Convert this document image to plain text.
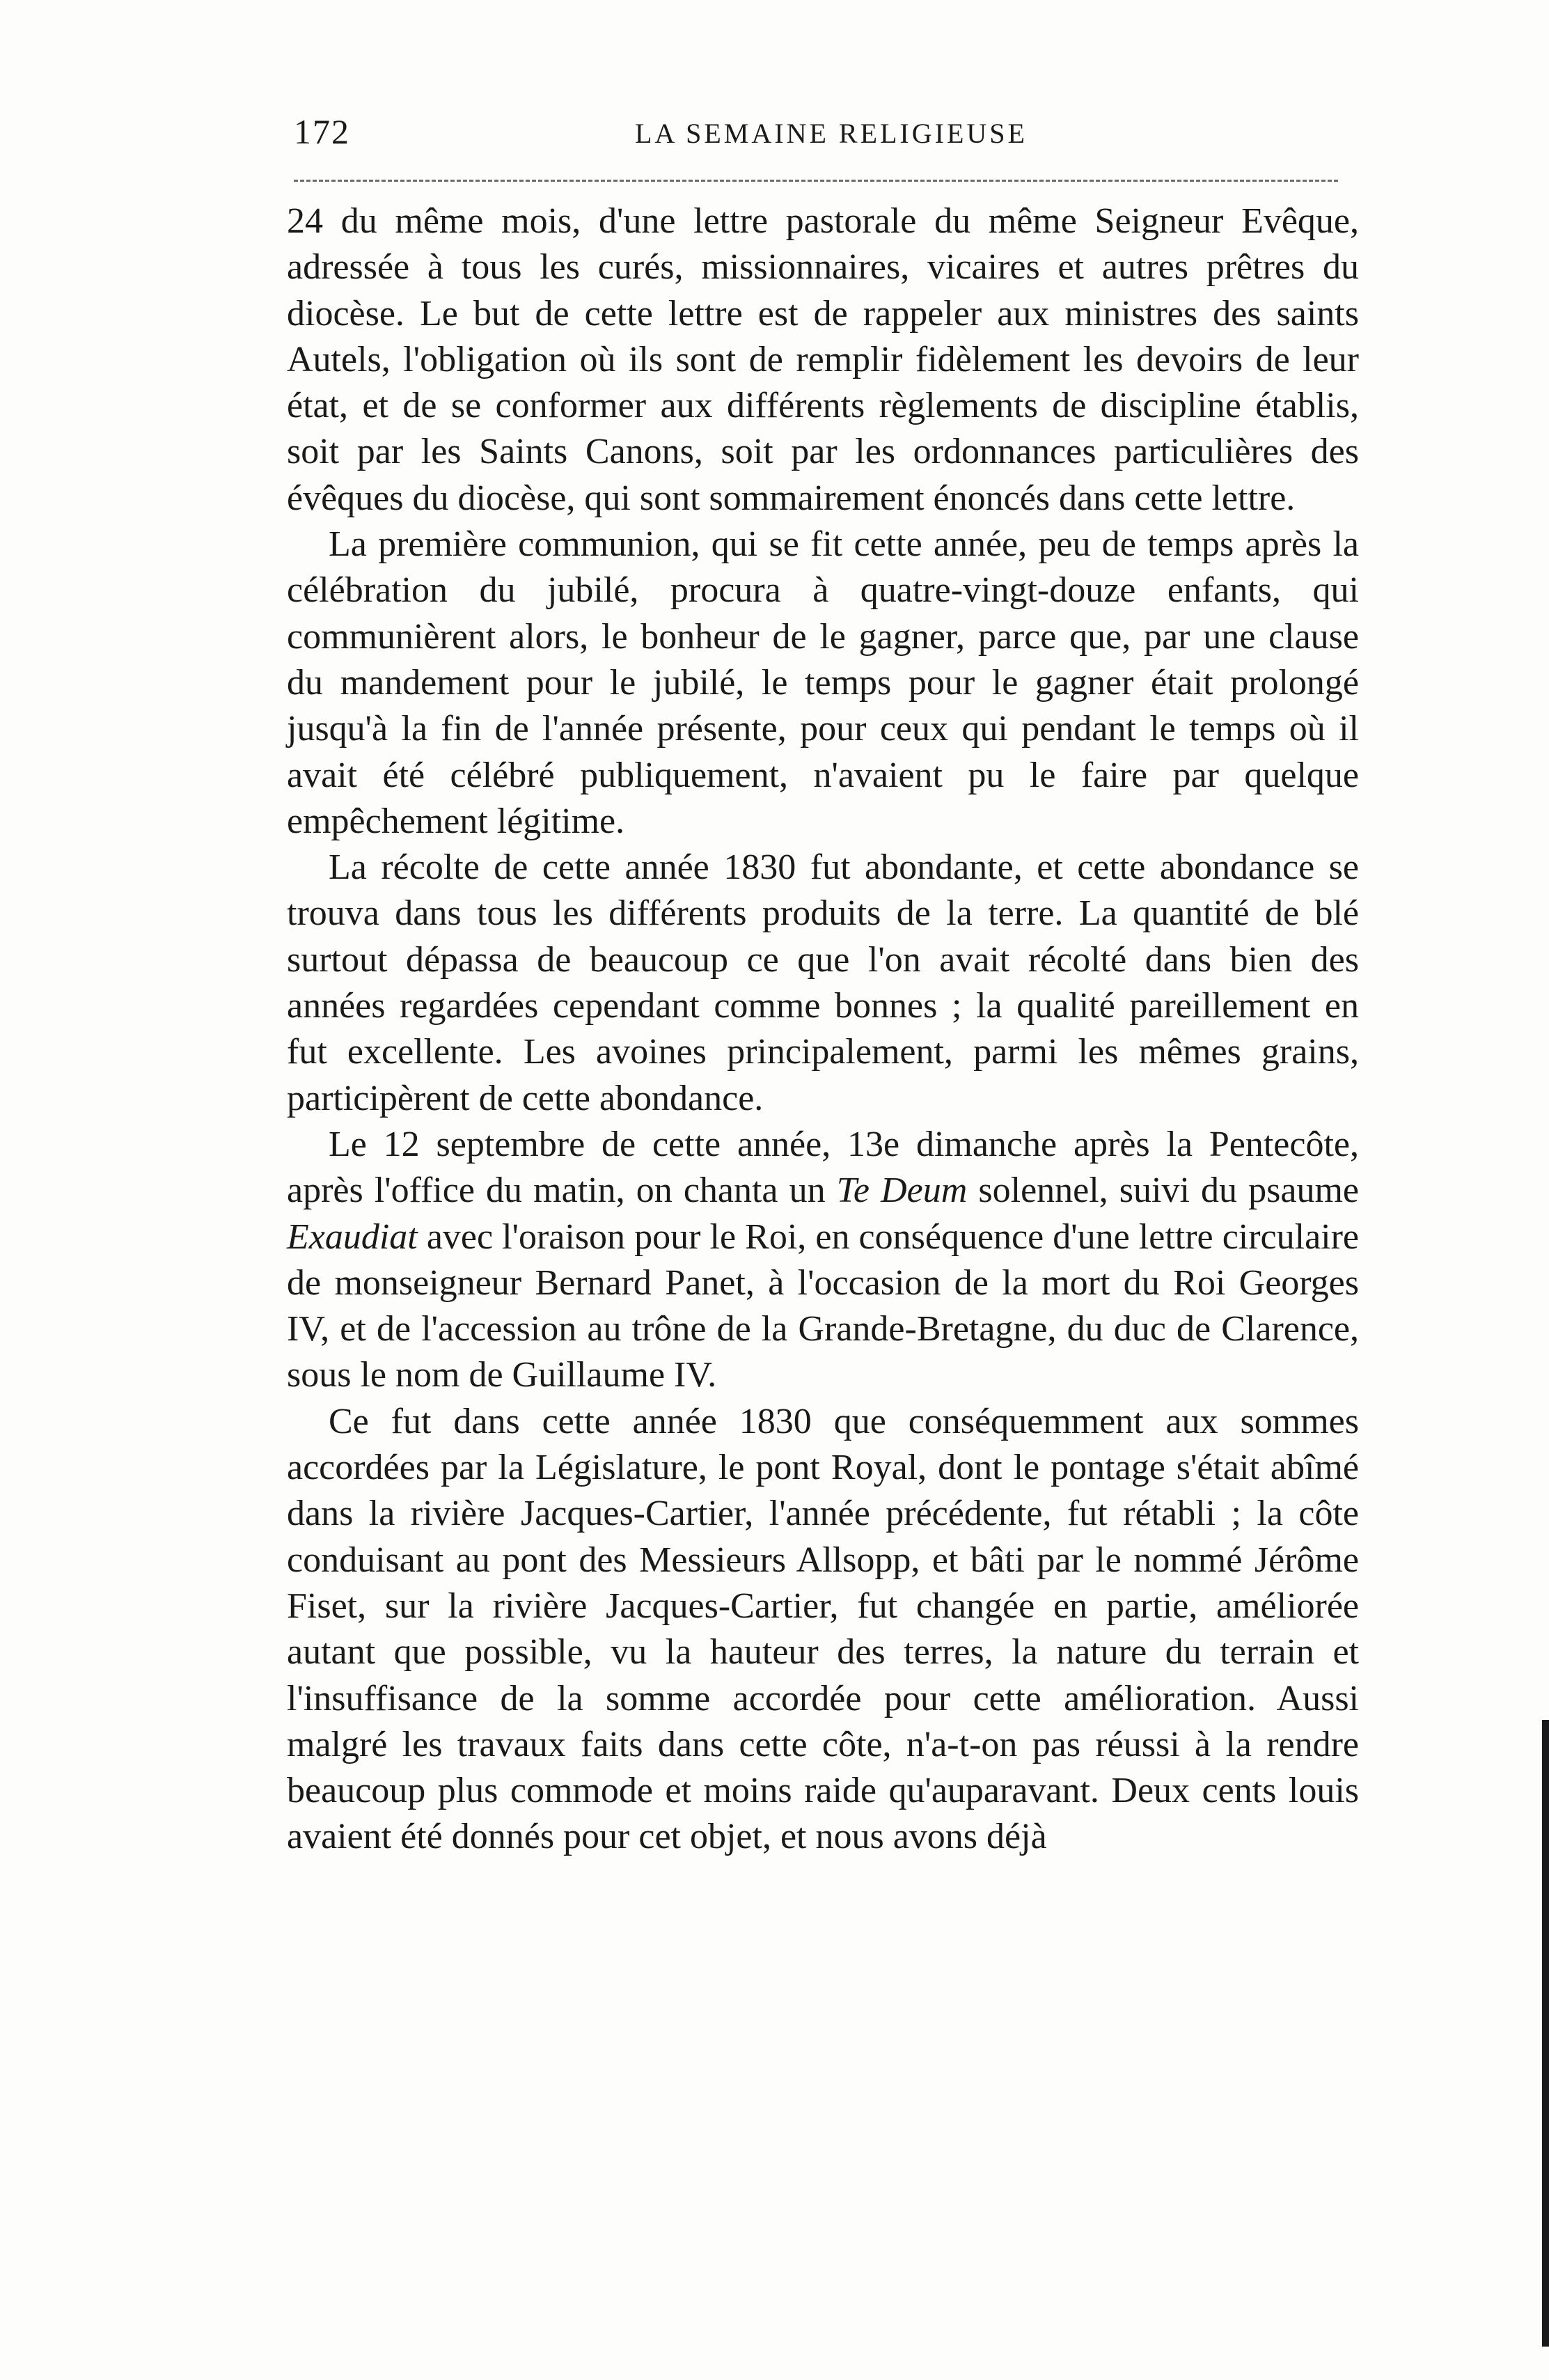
172	LA SEMAINE RELIGIEUSE

24 du même mois, d'une lettre pastorale du même Seigneur Evêque, adressée à tous les curés, missionnaires, vicaires et autres prêtres du diocèse. Le but de cette lettre est de rappeler aux ministres des saints Autels, l'obligation où ils sont de remplir fidèlement les devoirs de leur état, et de se conformer aux différents règlements de discipline établis, soit par les Saints Canons, soit par les ordonnances particulières des évêques du diocèse, qui sont sommairement énoncés dans cette lettre.

La première communion, qui se fit cette année, peu de temps après la célébration du jubilé, procura à quatre-vingt-douze enfants, qui communièrent alors, le bonheur de le gagner, parce que, par une clause du mandement pour le jubilé, le temps pour le gagner était prolongé jusqu'à la fin de l'année présente, pour ceux qui pendant le temps où il avait été célébré publiquement, n'avaient pu le faire par quelque empêchement légitime.

La récolte de cette année 1830 fut abondante, et cette abondance se trouva dans tous les différents produits de la terre. La quantité de blé surtout dépassa de beaucoup ce que l'on avait récolté dans bien des années regardées cependant comme bonnes ; la qualité pareillement en fut excellente. Les avoines principalement, parmi les mêmes grains, participèrent de cette abondance.

Le 12 septembre de cette année, 13e dimanche après la Pentecôte, après l'office du matin, on chanta un Te Deum solennel, suivi du psaume Exaudiat avec l'oraison pour le Roi, en conséquence d'une lettre circulaire de monseigneur Bernard Panet, à l'occasion de la mort du Roi Georges IV, et de l'accession au trône de la Grande-Bretagne, du duc de Clarence, sous le nom de Guillaume IV.

Ce fut dans cette année 1830 que conséquemment aux sommes accordées par la Législature, le pont Royal, dont le pontage s'était abîmé dans la rivière Jacques-Cartier, l'année précédente, fut rétabli ; la côte conduisant au pont des Messieurs Allsopp, et bâti par le nommé Jérôme Fiset, sur la rivière Jacques-Cartier, fut changée en partie, améliorée autant que possible, vu la hauteur des terres, la nature du terrain et l'insuffisance de la somme accordée pour cette amélioration. Aussi malgré les travaux faits dans cette côte, n'a-t-on pas réussi à la rendre beaucoup plus commode et moins raide qu'auparavant. Deux cents louis avaient été donnés pour cet objet, et nous avons déjà
